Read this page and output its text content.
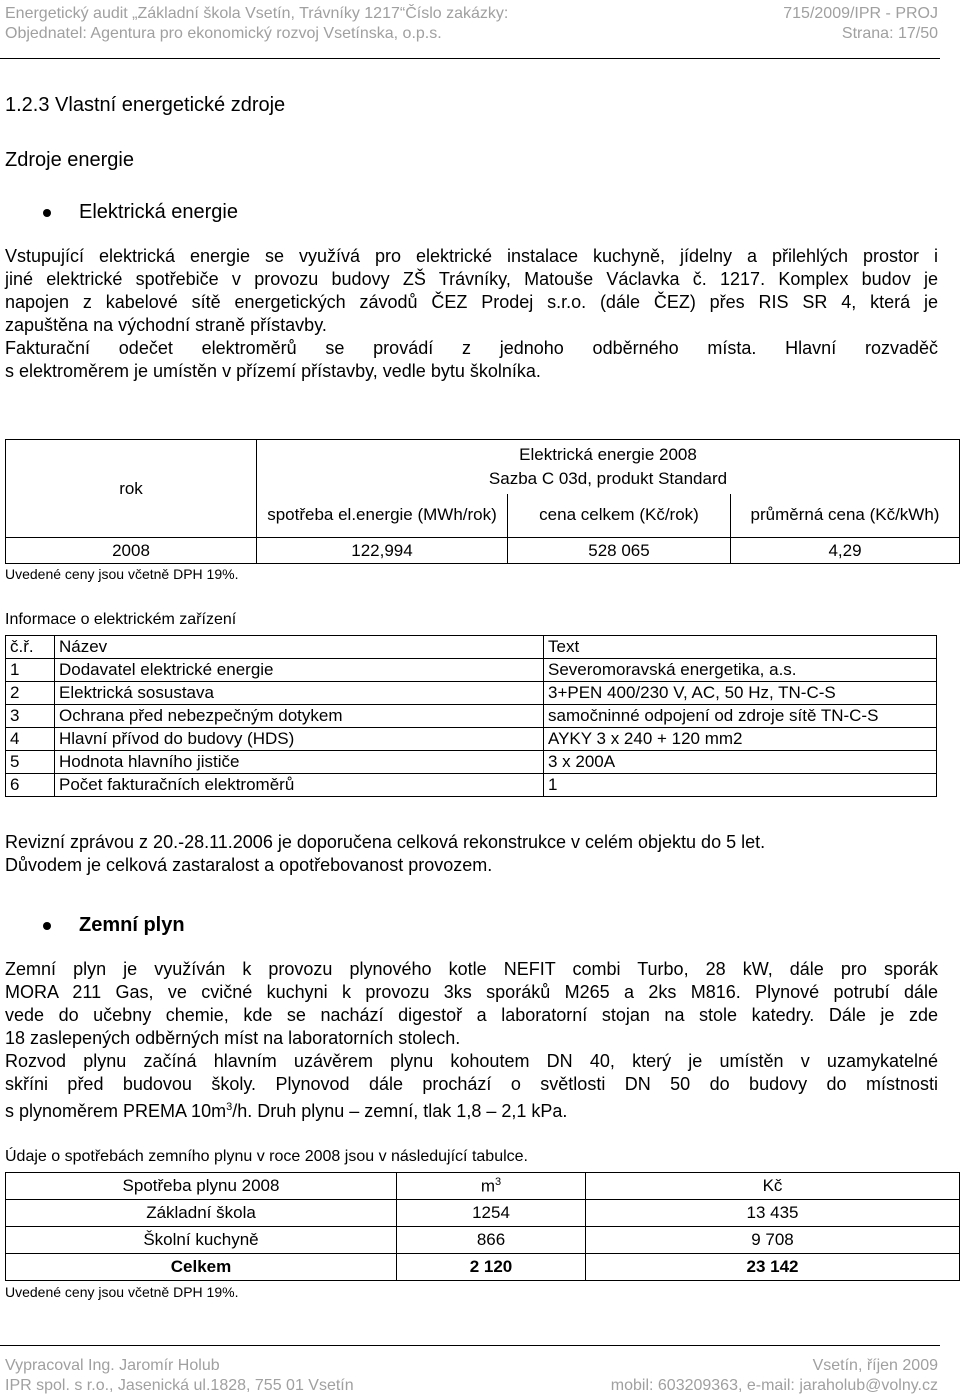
Energetický audit „Základní škola Vsetín, Trávníky 1217“Číslo zakázky:	715/2009/IPR - PROJ
Objednatel: Agentura pro ekonomický rozvoj Vsetínska, o.p.s.	Strana: 17/50
1.2.3 Vlastní energetické zdroje
Zdroje energie
Elektrická energie
Vstupující elektrická energie se využívá pro elektrické instalace kuchyně, jídelny a přilehlých prostor i
jiné elektrické spotřebiče v provozu budovy ZŠ Trávníky, Matouše Václavka č. 1217. Komplex budov je
napojen z kabelové sítě energetických závodů ČEZ Prodej s.r.o. (dále ČEZ) přes RIS SR 4, která je
zapuštěna na východní straně přístavby.
Fakturační odečet elektroměrů se provádí z jednoho odběrného místa. Hlavní rozvaděč
s elektroměrem je umístěn v přízemí přístavby, vedle bytu školníka.
rok	Elektrická energie 2008
Sazba C 03d, produkt Standard		

	spotřeba el.energie (MWh/rok)	cena celkem (Kč/rok)	průměrná cena (Kč/kWh)
2008	122,994	528 065	4,29
Uvedené ceny jsou včetně DPH 19%.
Informace o elektrickém zařízení
č.ř.	Název	Text
1	Dodavatel elektrické energie	Severomoravská energetika, a.s.
2	Elektrická sosustava	3+PEN 400/230 V, AC, 50 Hz, TN-C-S
3	Ochrana před nebezpečným dotykem	samočninné odpojení od zdroje sítě TN-C-S
4	Hlavní přívod do budovy (HDS)	AYKY 3 x 240 + 120 mm2
5	Hodnota hlavního jističe	3 x 200A
6	Počet fakturačních elektroměrů	1
Revizní zprávou z 20.-28.11.2006 je doporučena celková rekonstrukce v celém objektu do 5 let.
Důvodem je celková zastaralost a opotřebovanost provozem.
Zemní plyn
Zemní plyn je využíván k provozu plynového kotle NEFIT combi Turbo, 28 kW, dále pro sporák
MORA 211 Gas, ve cvičné kuchyni k provozu 3ks sporáků M265 a 2ks M816. Plynové potrubí dále
vede do učebny chemie, kde se nachází digestoř a laboratorní stojan na stole katedry. Dále je zde
18 zaslepených odběrných míst na laboratorních stolech.
Rozvod plynu začíná hlavním uzávěrem plynu kohoutem DN 40, který je umístěn v uzamykatelné
skříni před budovou školy. Plynovod dále prochází o světlosti DN 50 do budovy do místnosti
s plynoměrem PREMA $10m^3/h$. Druh plynu – zemní, tlak 1,8 – 2,1 kPa.
Údaje o spotřebách zemního plynu v roce 2008 jsou v následující tabulce.
Spotřeba plynu 2008	$m^3$	Kč
Základní škola	1254	13 435
Školní kuchyně	866	9 708
Celkem	2 120	23 142
Uvedené ceny jsou včetně DPH 19%.
Vypracoval Ing. Jaromír Holub	Vsetín, říjen 2009
IPR spol. s r.o., Jasenická ul.1828, 755 01 Vsetín	mobil: 603209363, e-mail: jaraholub@volny.cz
